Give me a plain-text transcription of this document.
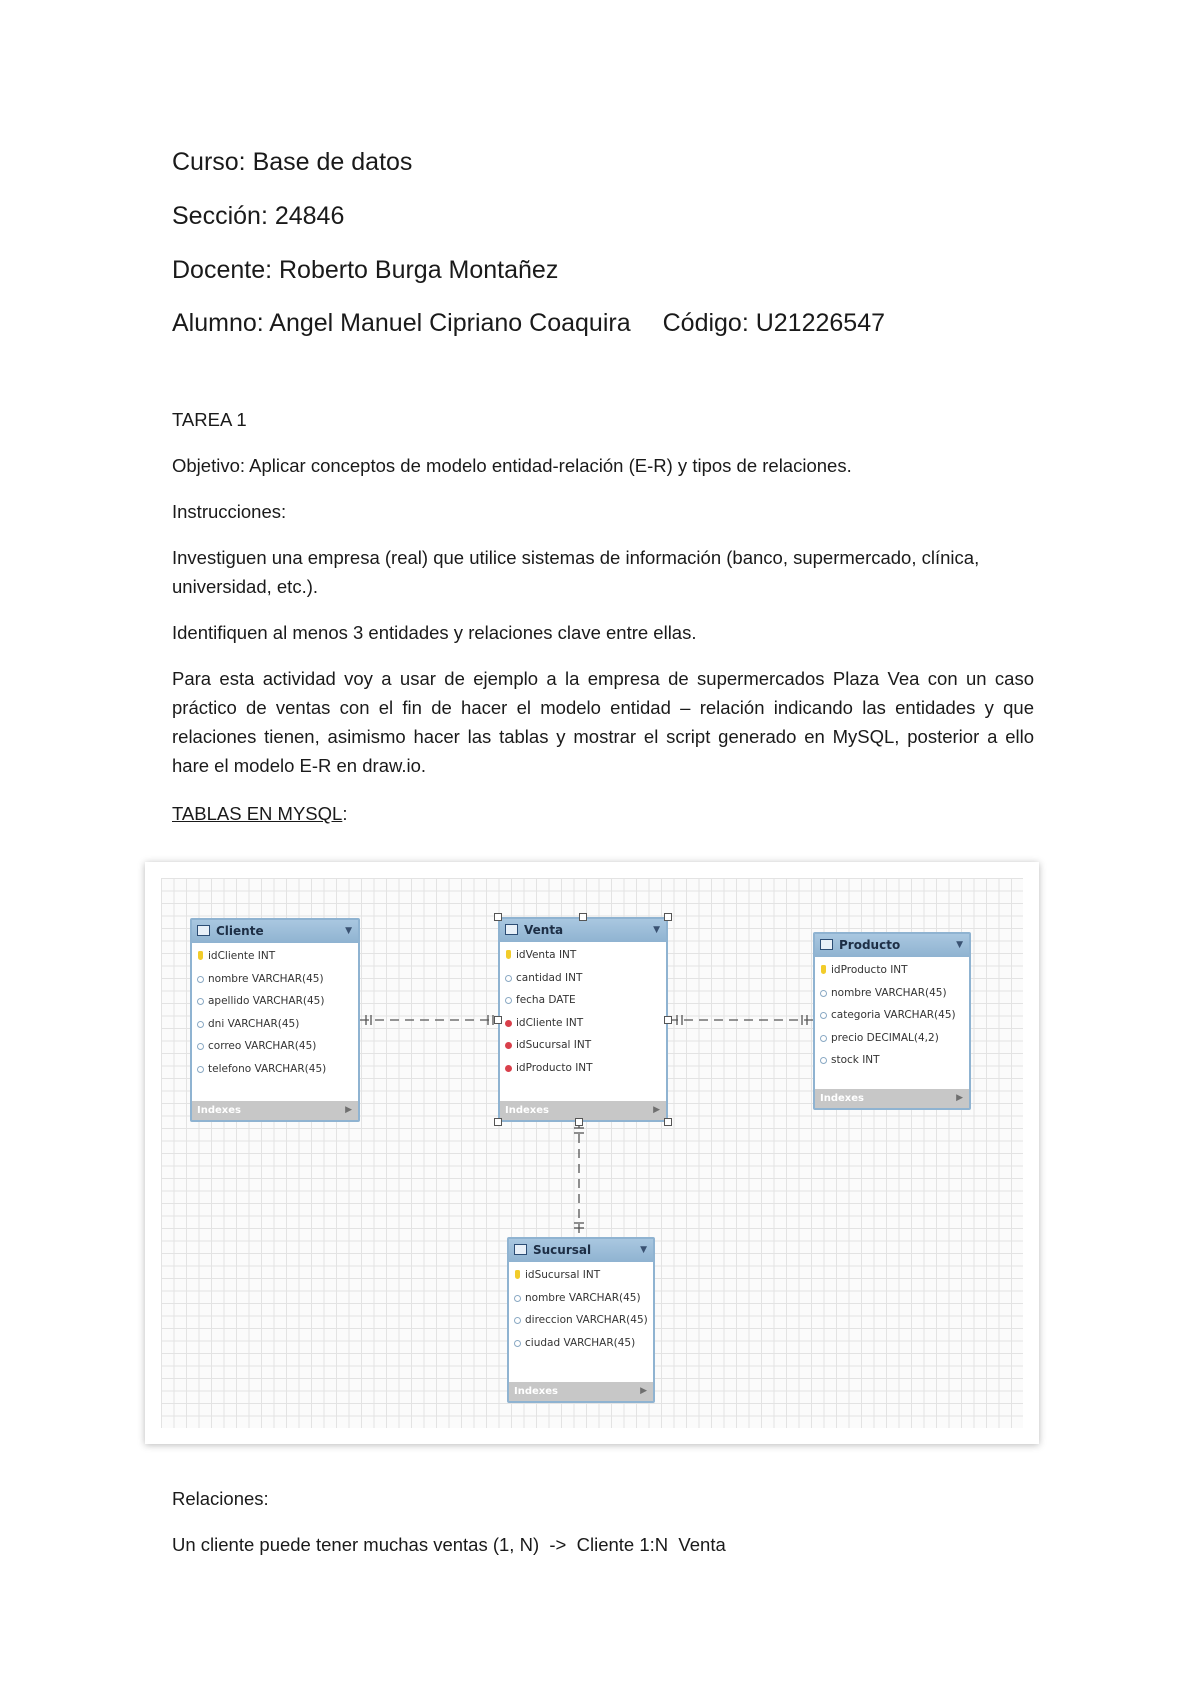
Curso: Base de datos
Sección: 24846
Docente: Roberto Burga Montañez
Alumno: Angel Manuel Cipriano Coaquira Código: U21226547
TAREA 1
Objetivo: Aplicar conceptos de modelo entidad-relación (E-R) y tipos de relaciones.
Instrucciones:
Investiguen una empresa (real) que utilice sistemas de información (banco, supermercado, clínica, universidad, etc.).
Identifiquen al menos 3 entidades y relaciones clave entre ellas.
Para esta actividad voy a usar de ejemplo a la empresa de supermercados Plaza Vea con un caso práctico de ventas con el fin de hacer el modelo entidad – relación indicando las entidades y que relaciones tienen, asimismo hacer las tablas y mostrar el script generado en MySQL, posterior a ello hare el modelo E-R en draw.io.
TABLAS EN MYSQL:
Cliente	▼
idCliente INT
nombre VARCHAR(45)
apellido VARCHAR(45)
dni VARCHAR(45)
correo VARCHAR(45)
telefono VARCHAR(45)
Indexes	▶
Venta	▼
idVenta INT
cantidad INT
fecha DATE
idCliente INT
idSucursal INT
idProducto INT
Indexes	▶
Producto	▼
idProducto INT
nombre VARCHAR(45)
categoria VARCHAR(45)
precio DECIMAL(4,2)
stock INT
Indexes	▶
Sucursal	▼
idSucursal INT
nombre VARCHAR(45)
direccion VARCHAR(45)
ciudad VARCHAR(45)
Indexes	▶
Relaciones:
Un cliente puede tener muchas ventas (1, N)  ->  Cliente 1:N  Venta
